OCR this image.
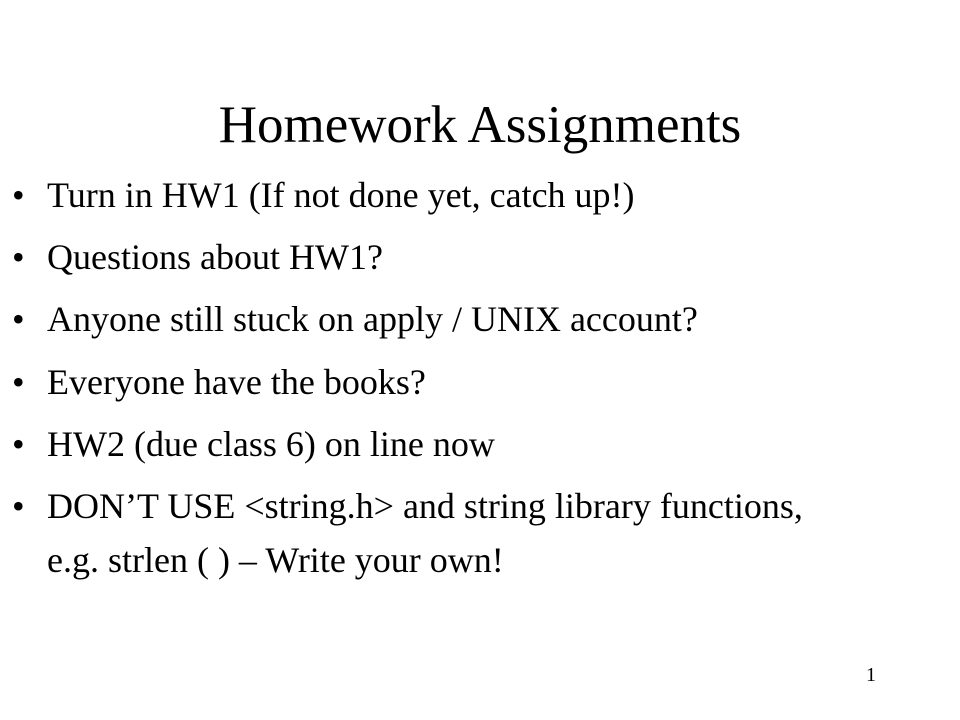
Homework Assignments
• Turn in HW1 (If not done yet, catch up!)
• Questions about HW1?
• Anyone still stuck on apply / UNIX account?
• Everyone have the books?
• HW2 (due class 6) on line now
• DON’T USE <string.h> and string library functions,
e.g. strlen ( ) – Write your own!
1
